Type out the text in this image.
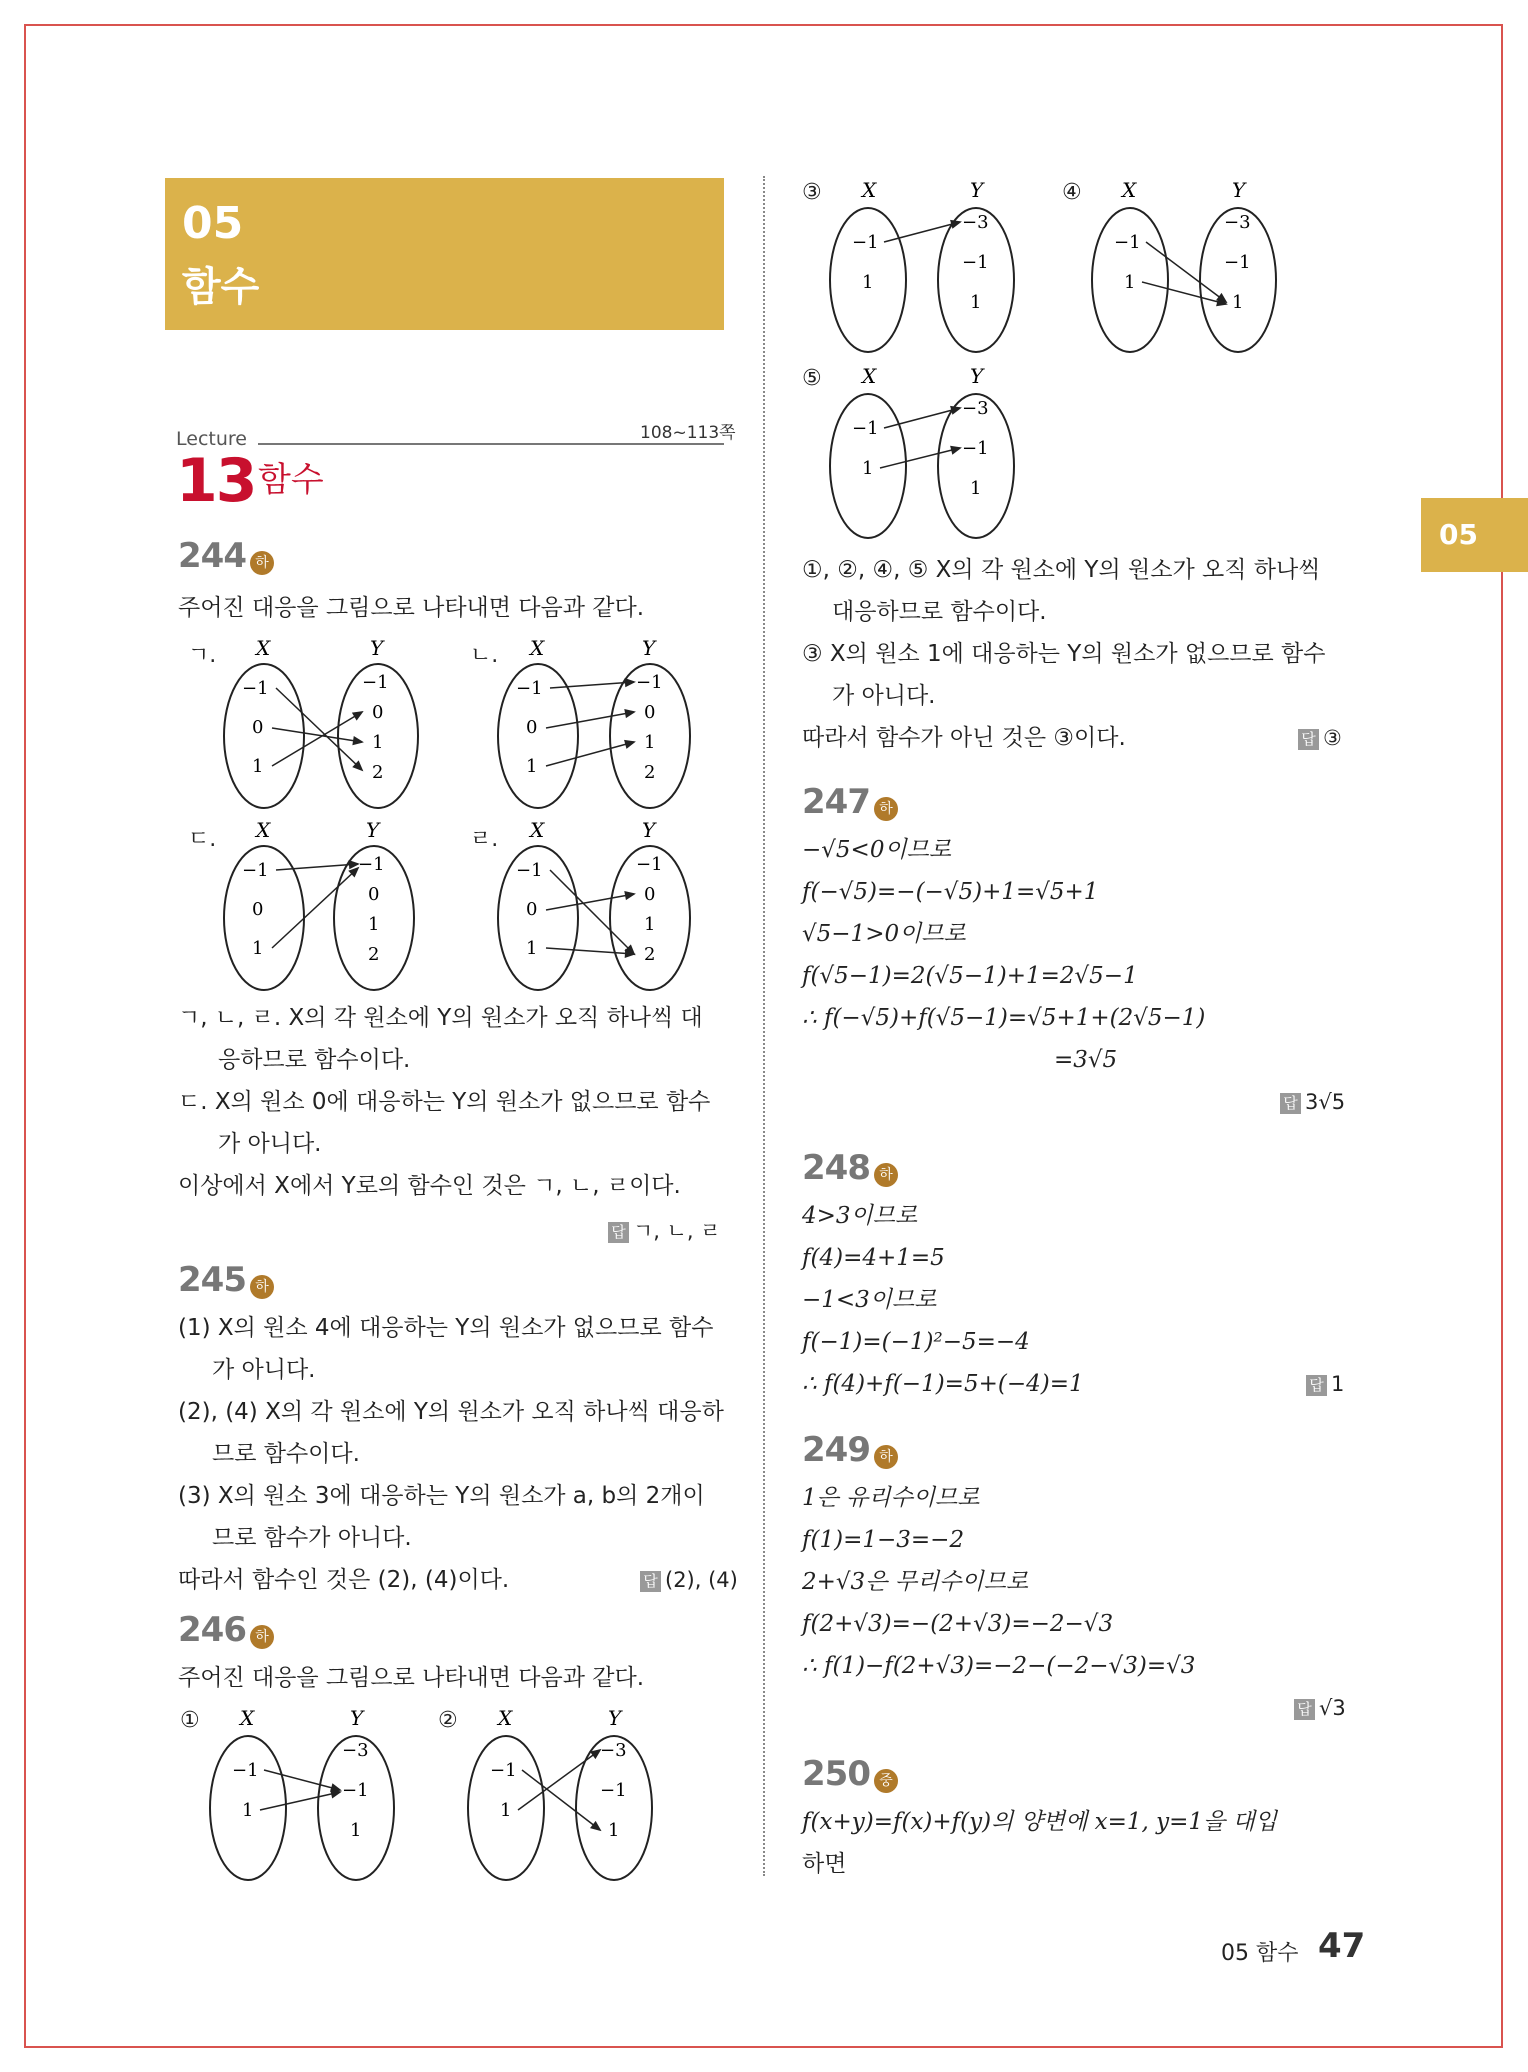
05
함수
Lecture	108~113쪽
13 함수
05
244 하
주어진 대응을 그림으로 나타내면 다음과 같다.
ㄱ. X	Y
−1
0
1
−1
0
1
2
ㄴ. X	Y
−1
0
1
−1
0
1
2
ㄷ. X	Y
−1
0
1
−1
0
1
2
ㄹ. X	Y
−1
0
1
−1
0
1
2
ㄱ, ㄴ, ㄹ. X의 각 원소에 Y의 원소가 오직 하나씩 대
응하므로 함수이다.
ㄷ. X의 원소 0에 대응하는 Y의 원소가 없으므로 함수
가 아니다.
이상에서 X에서 Y로의 함수인 것은 ㄱ, ㄴ, ㄹ이다.
답 ㄱ, ㄴ, ㄹ
245 하
(1) X의 원소 4에 대응하는 Y의 원소가 없으므로 함수
가 아니다.
(2), (4) X의 각 원소에 Y의 원소가 오직 하나씩 대응하
므로 함수이다.
(3) X의 원소 3에 대응하는 Y의 원소가 a, b의 2개이
므로 함수가 아니다.
따라서 함수인 것은 (2), (4)이다.	답 (2), (4)
246 하
주어진 대응을 그림으로 나타내면 다음과 같다.
① X	Y
−1
1
−3
−1
1
② X	Y
−1
1
−3
−1
1
③ X	Y
−1
1
−3
−1
1
④ X	Y
−1
1
−3
−1
1
⑤ X	Y
−1
1
−3
−1
1
①, ②, ④, ⑤ X의 각 원소에 Y의 원소가 오직 하나씩
대응하므로 함수이다.
③ X의 원소 1에 대응하는 Y의 원소가 없으므로 함수
가 아니다.
따라서 함수가 아닌 것은 ③이다.	답 ③
247 하
−√5<0이므로
f(−√5)=−(−√5)+1=√5+1
√5−1>0이므로
f(√5−1)=2(√5−1)+1=2√5−1
∴ f(−√5)+f(√5−1)=√5+1+(2√5−1)
=3√5
답 3√5
248 하
4>3이므로
f(4)=4+1=5
−1<3이므로
f(−1)=(−1)²−5=−4
∴ f(4)+f(−1)=5+(−4)=1	답 1
249 하
1은 유리수이므로
f(1)=1−3=−2
2+√3은 무리수이므로
f(2+√3)=−(2+√3)=−2−√3
∴ f(1)−f(2+√3)=−2−(−2−√3)=√3
답 √3
250 중
f(x+y)=f(x)+f(y)의 양변에 x=1, y=1을 대입
하면
05 함수 47
